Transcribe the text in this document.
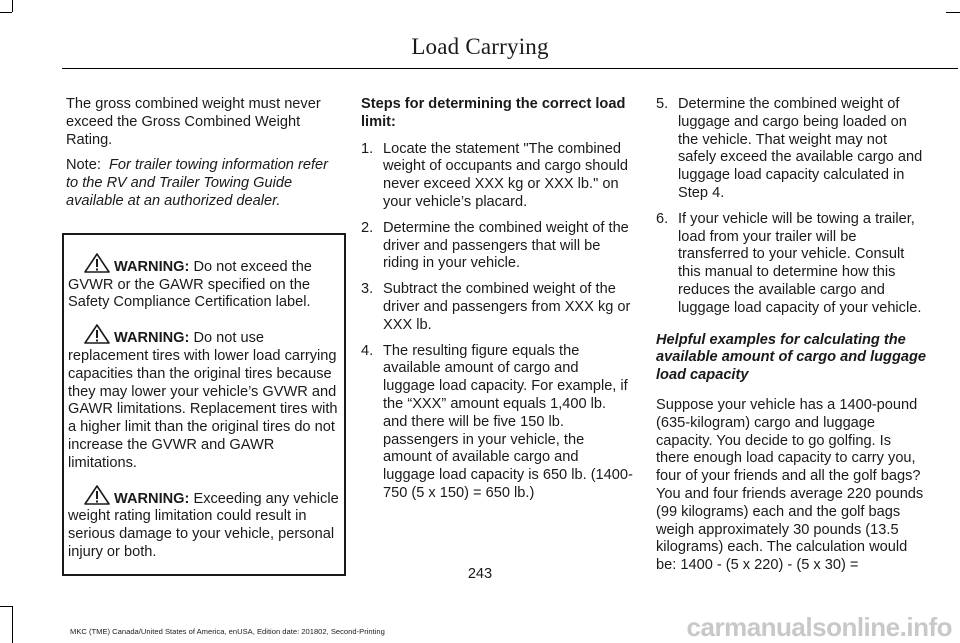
Load Carrying

The gross combined weight must never exceed the Gross Combined Weight Rating.

Note: For trailer towing information refer to the RV and Trailer Towing Guide available at an authorized dealer.

WARNING: Do not exceed the GVWR or the GAWR specified on the Safety Compliance Certification label.
WARNING: Do not use replacement tires with lower load carrying capacities than the original tires because they may lower your vehicle’s GVWR and GAWR limitations. Replacement tires with a higher limit than the original tires do not increase the GVWR and GAWR limitations.
WARNING: Exceeding any vehicle weight rating limitation could result in serious damage to your vehicle, personal injury or both.

Steps for determining the correct load limit:

1. Locate the statement "The combined weight of occupants and cargo should never exceed XXX kg or XXX lb." on your vehicle’s placard.
2. Determine the combined weight of the driver and passengers that will be riding in your vehicle.
3. Subtract the combined weight of the driver and passengers from XXX kg or XXX lb.
4. The resulting figure equals the available amount of cargo and luggage load capacity. For example, if the “XXX” amount equals 1,400 lb. and there will be five 150 lb. passengers in your vehicle, the amount of available cargo and luggage load capacity is 650 lb. (1400-750 (5 x 150) = 650 lb.)
5. Determine the combined weight of luggage and cargo being loaded on the vehicle. That weight may not safely exceed the available cargo and luggage load capacity calculated in Step 4.
6. If your vehicle will be towing a trailer, load from your trailer will be transferred to your vehicle. Consult this manual to determine how this reduces the available cargo and luggage load capacity of your vehicle.

Helpful examples for calculating the available amount of cargo and luggage load capacity

Suppose your vehicle has a 1400-pound (635-kilogram) cargo and luggage capacity. You decide to go golfing. Is there enough load capacity to carry you, four of your friends and all the golf bags? You and four friends average 220 pounds (99 kilograms) each and the golf bags weigh approximately 30 pounds (13.5 kilograms) each. The calculation would be: 1400 - (5 x 220) - (5 x 30) =

243
MKC (TME) Canada/United States of America, enUSA, Edition date: 201802, Second-Printing	carmanualsonline.info
